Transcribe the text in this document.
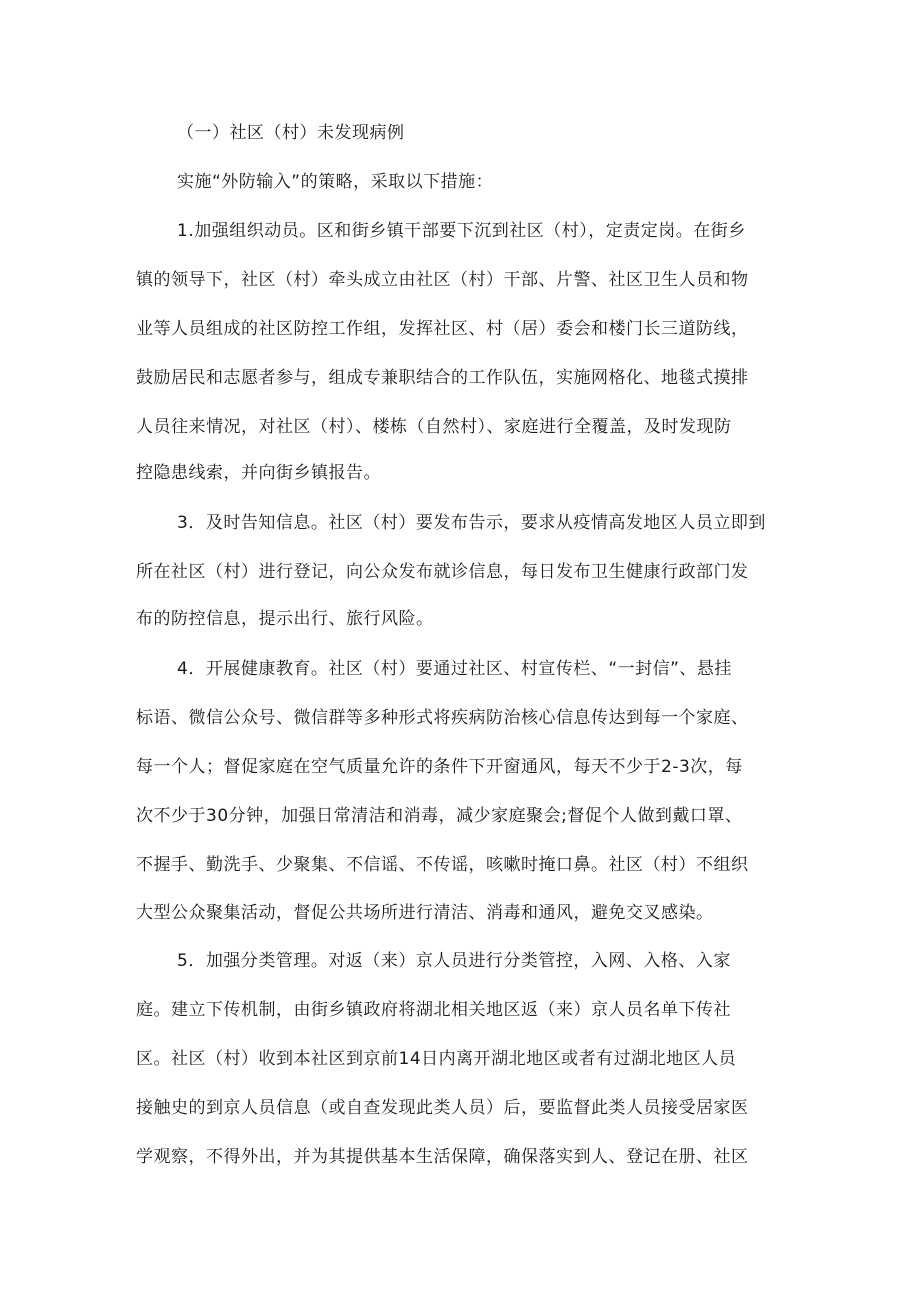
（一）社区（村）未发现病例
实施“外防输入”的策略，采取以下措施：
1.加强组织动员。区和街乡镇干部要下沉到社区（村），定责定岗。在街乡
镇的领导下，社区（村）牵头成立由社区（村）干部、片警、社区卫生人员和物
业等人员组成的社区防控工作组，发挥社区、村（居）委会和楼门长三道防线，
鼓励居民和志愿者参与，组成专兼职结合的工作队伍，实施网格化、地毯式摸排
人员往来情况，对社区（村）、楼栋（自然村）、家庭进行全覆盖，及时发现防
控隐患线索，并向街乡镇报告。
3．及时告知信息。社区（村）要发布告示，要求从疫情高发地区人员立即到
所在社区（村）进行登记，向公众发布就诊信息，每日发布卫生健康行政部门发
布的防控信息，提示出行、旅行风险。
4．开展健康教育。社区（村）要通过社区、村宣传栏、“一封信”、悬挂
标语、微信公众号、微信群等多种形式将疾病防治核心信息传达到每一个家庭、
每一个人；督促家庭在空气质量允许的条件下开窗通风，每天不少于2-3次，每
次不少于30分钟，加强日常清洁和消毒，减少家庭聚会;督促个人做到戴口罩、
不握手、勤洗手、少聚集、不信谣、不传谣，咳嗽时掩口鼻。社区（村）不组织
大型公众聚集活动，督促公共场所进行清洁、消毒和通风，避免交叉感染。
5．加强分类管理。对返（来）京人员进行分类管控，入网、入格、入家
庭。建立下传机制，由街乡镇政府将湖北相关地区返（来）京人员名单下传社
区。社区（村）收到本社区到京前14日内离开湖北地区或者有过湖北地区人员
接触史的到京人员信息（或自查发现此类人员）后，要监督此类人员接受居家医
学观察，不得外出，并为其提供基本生活保障，确保落实到人、登记在册、社区
